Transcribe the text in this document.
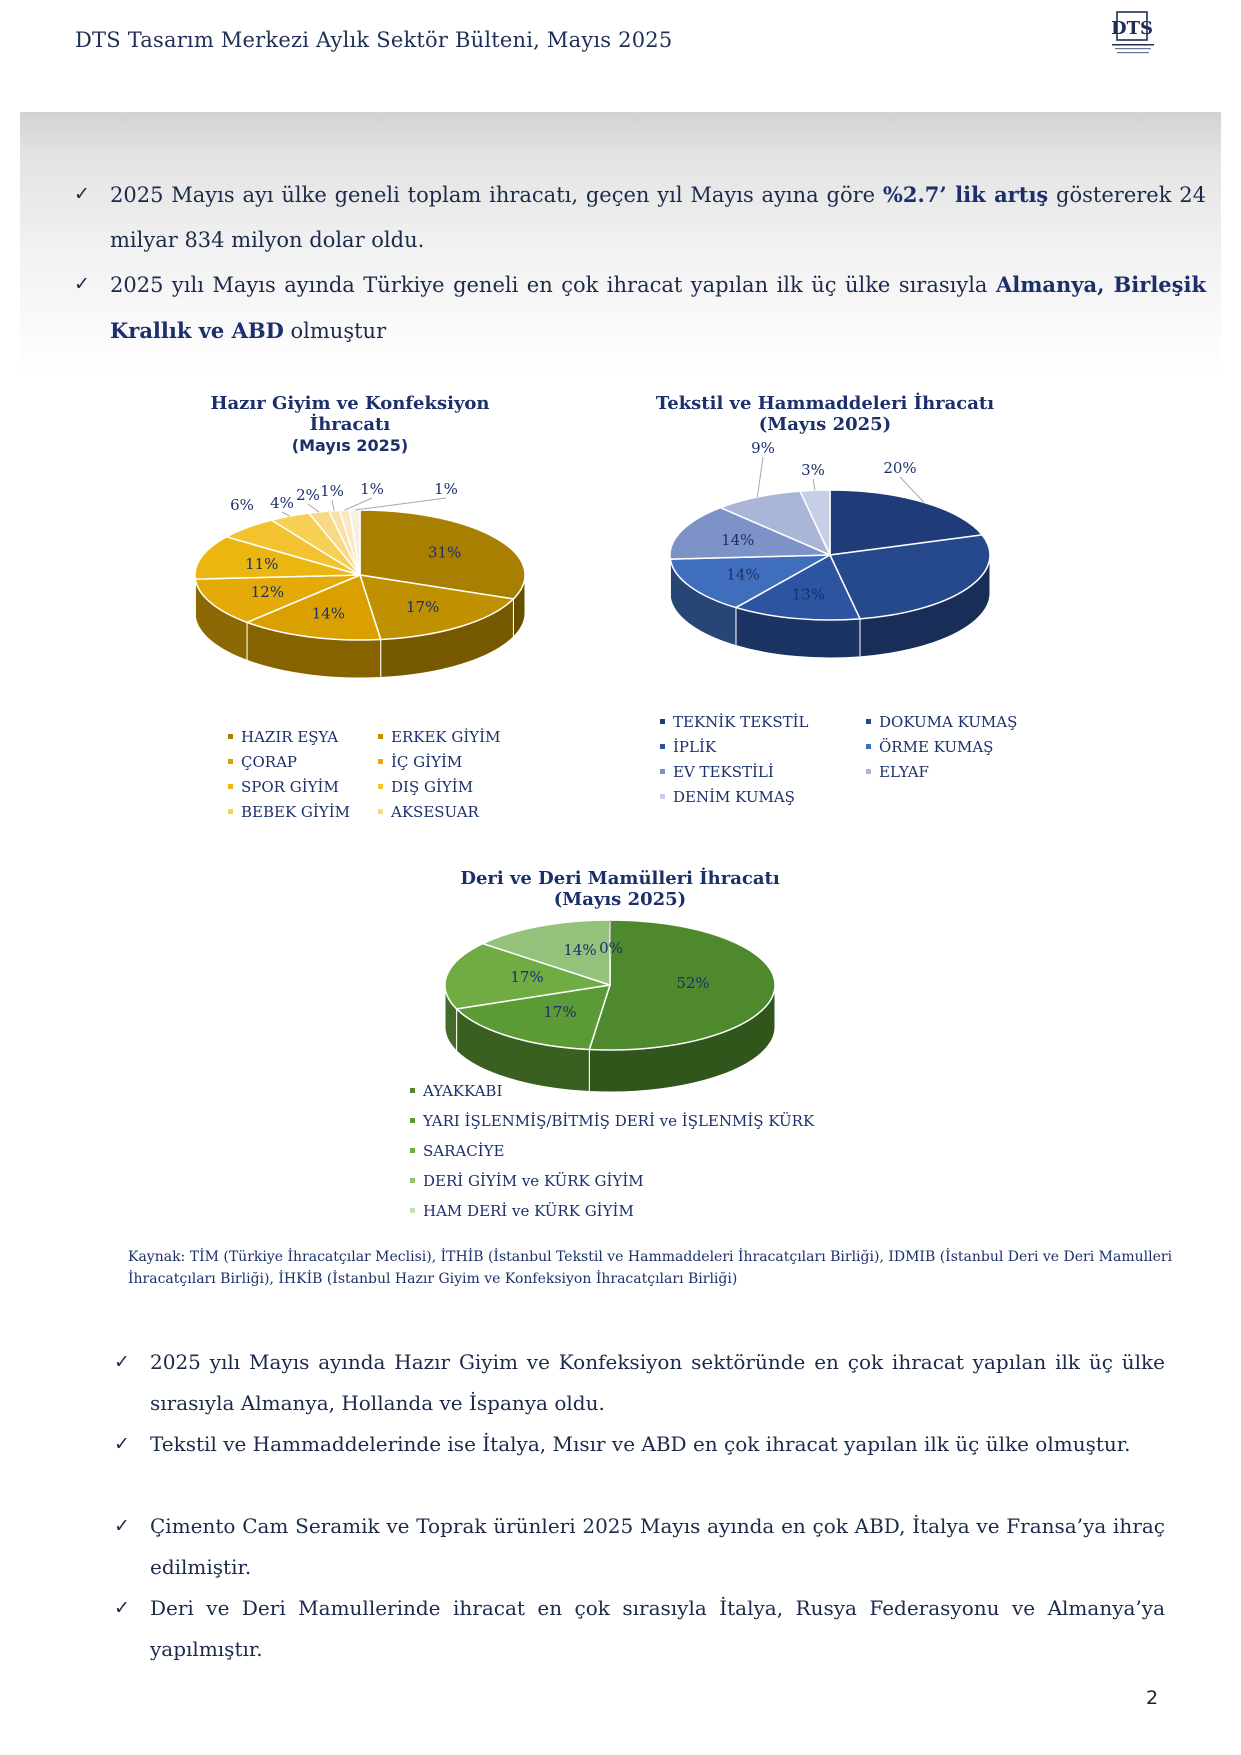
DTS Tasarım Merkezi Aylık Sektör Bülteni, Mayıs 2025	DTS
✓ 2025 Mayıs ayı ülke geneli toplam ihracatı, geçen yıl Mayıs ayına göre %2.7’ lik artış göstererek 24 milyar 834 milyon dolar oldu.
✓ 2025 yılı Mayıs ayında Türkiye geneli en çok ihracat yapılan ilk üç ülke sırasıyla Almanya, Birleşik Krallık ve ABD olmuştur
Hazır Giyim ve Konfeksiyon
İhracatı
(Mayıs 2025)
31%
17%
14%
12%
11%
6% 4% 2% 1% 1%	1%
Tekstil ve Hammaddeleri İhracatı
(Mayıs 2025)
20%
13%
14%
14%
9%
3%
Deri ve Deri Mamülleri İhracatı
(Mayıs 2025)
52%
17%
17%
14% 0%
HAZIR EŞYA	ERKEK GİYİM
ÇORAP	İÇ GİYİM
SPOR GİYİM	DIŞ GİYİM
BEBEK GİYİM	AKSESUAR
TEKNİK TEKSTİL	DOKUMA KUMAŞ
İPLİK	ÖRME KUMAŞ
EV TEKSTİLİ	ELYAF
DENİM KUMAŞ
AYAKKABI
YARI İŞLENMİŞ/BİTMİŞ DERİ ve İŞLENMİŞ KÜRK
SARACİYE
DERİ GİYİM ve KÜRK GİYİM
HAM DERİ ve KÜRK GİYİM
Kaynak: TİM (Türkiye İhracatçılar Meclisi), İTHİB (İstanbul Tekstil ve Hammaddeleri İhracatçıları Birliği), IDMIB (İstanbul Deri ve Deri Mamulleri İhracatçıları Birliği), İHKİB (İstanbul Hazır Giyim ve Konfeksiyon İhracatçıları Birliği)
✓ 2025 yılı Mayıs ayında Hazır Giyim ve Konfeksiyon sektöründe en çok ihracat yapılan ilk üç ülke sırasıyla Almanya, Hollanda ve İspanya oldu.
✓ Tekstil ve Hammaddelerinde ise İtalya, Mısır ve ABD en çok ihracat yapılan ilk üç ülke olmuştur.
✓ Çimento Cam Seramik ve Toprak ürünleri 2025 Mayıs ayında en çok ABD, İtalya ve Fransa’ya ihraç edilmiştir.
✓ Deri ve Deri Mamullerinde ihracat en çok sırasıyla İtalya, Rusya Federasyonu ve Almanya’ya yapılmıştır.
2
